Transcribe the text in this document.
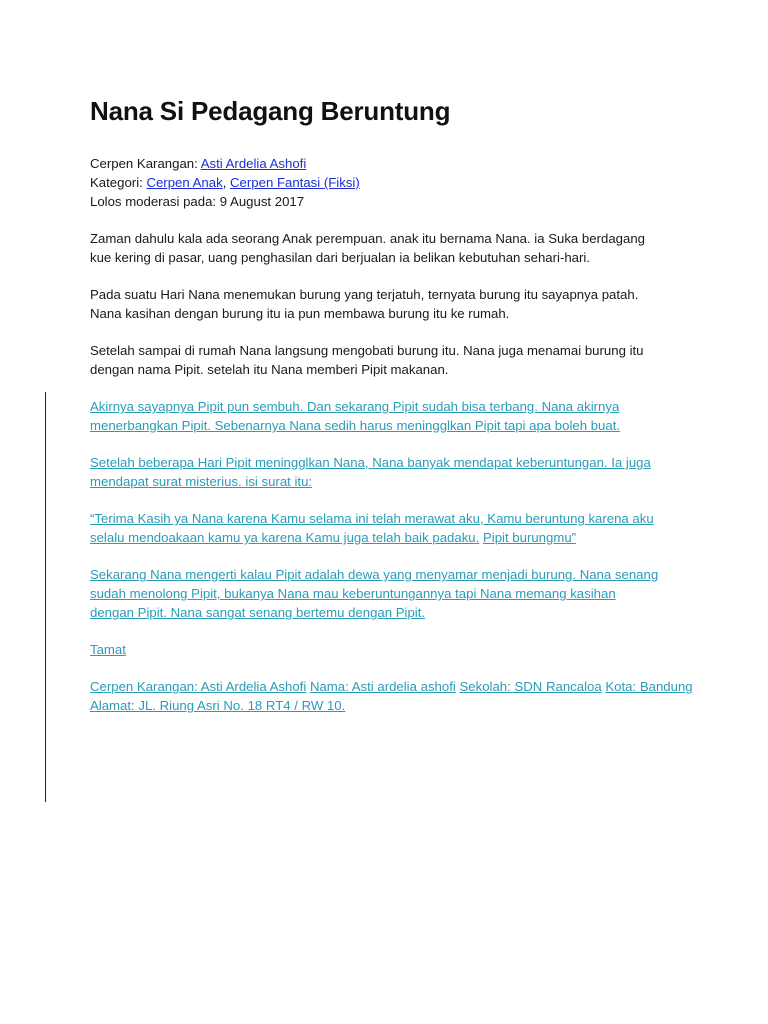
Nana Si Pedagang Beruntung
Cerpen Karangan: Asti Ardelia Ashofi
Kategori: Cerpen Anak, Cerpen Fantasi (Fiksi)
Lolos moderasi pada: 9 August 2017
Zaman dahulu kala ada seorang Anak perempuan. anak itu bernama Nana. ia Suka berdagang
kue kering di pasar, uang penghasilan dari berjualan ia belikan kebutuhan sehari-hari.
Pada suatu Hari Nana menemukan burung yang terjatuh, ternyata burung itu sayapnya patah.
Nana kasihan dengan burung itu ia pun membawa burung itu ke rumah.
Setelah sampai di rumah Nana langsung mengobati burung itu. Nana juga menamai burung itu
dengan nama Pipit. setelah itu Nana memberi Pipit makanan.
Akirnya sayapnya Pipit pun sembuh. Dan sekarang Pipit sudah bisa terbang. Nana akirnya menerbangkan Pipit. Sebenarnya Nana sedih harus meningglkan Pipit tapi apa boleh buat.
Setelah beberapa Hari Pipit meningglkan Nana, Nana banyak mendapat keberuntungan. Ia juga mendapat surat misterius. isi surat itu:
“Terima Kasih ya Nana karena Kamu selama ini telah merawat aku, Kamu beruntung karena aku selalu mendoakaan kamu ya karena Kamu juga telah baik padaku. Pipit burungmu”
Sekarang Nana mengerti kalau Pipit adalah dewa yang menyamar menjadi burung. Nana senang sudah menolong Pipit, bukanya Nana mau keberuntungannya tapi Nana memang kasihan dengan Pipit. Nana sangat senang bertemu dengan Pipit.
Tamat
Cerpen Karangan: Asti Ardelia Ashofi Nama: Asti ardelia ashofi Sekolah: SDN Rancaloa Kota: Bandung Alamat: JL. Riung Asri No. 18 RT4 / RW 10.
